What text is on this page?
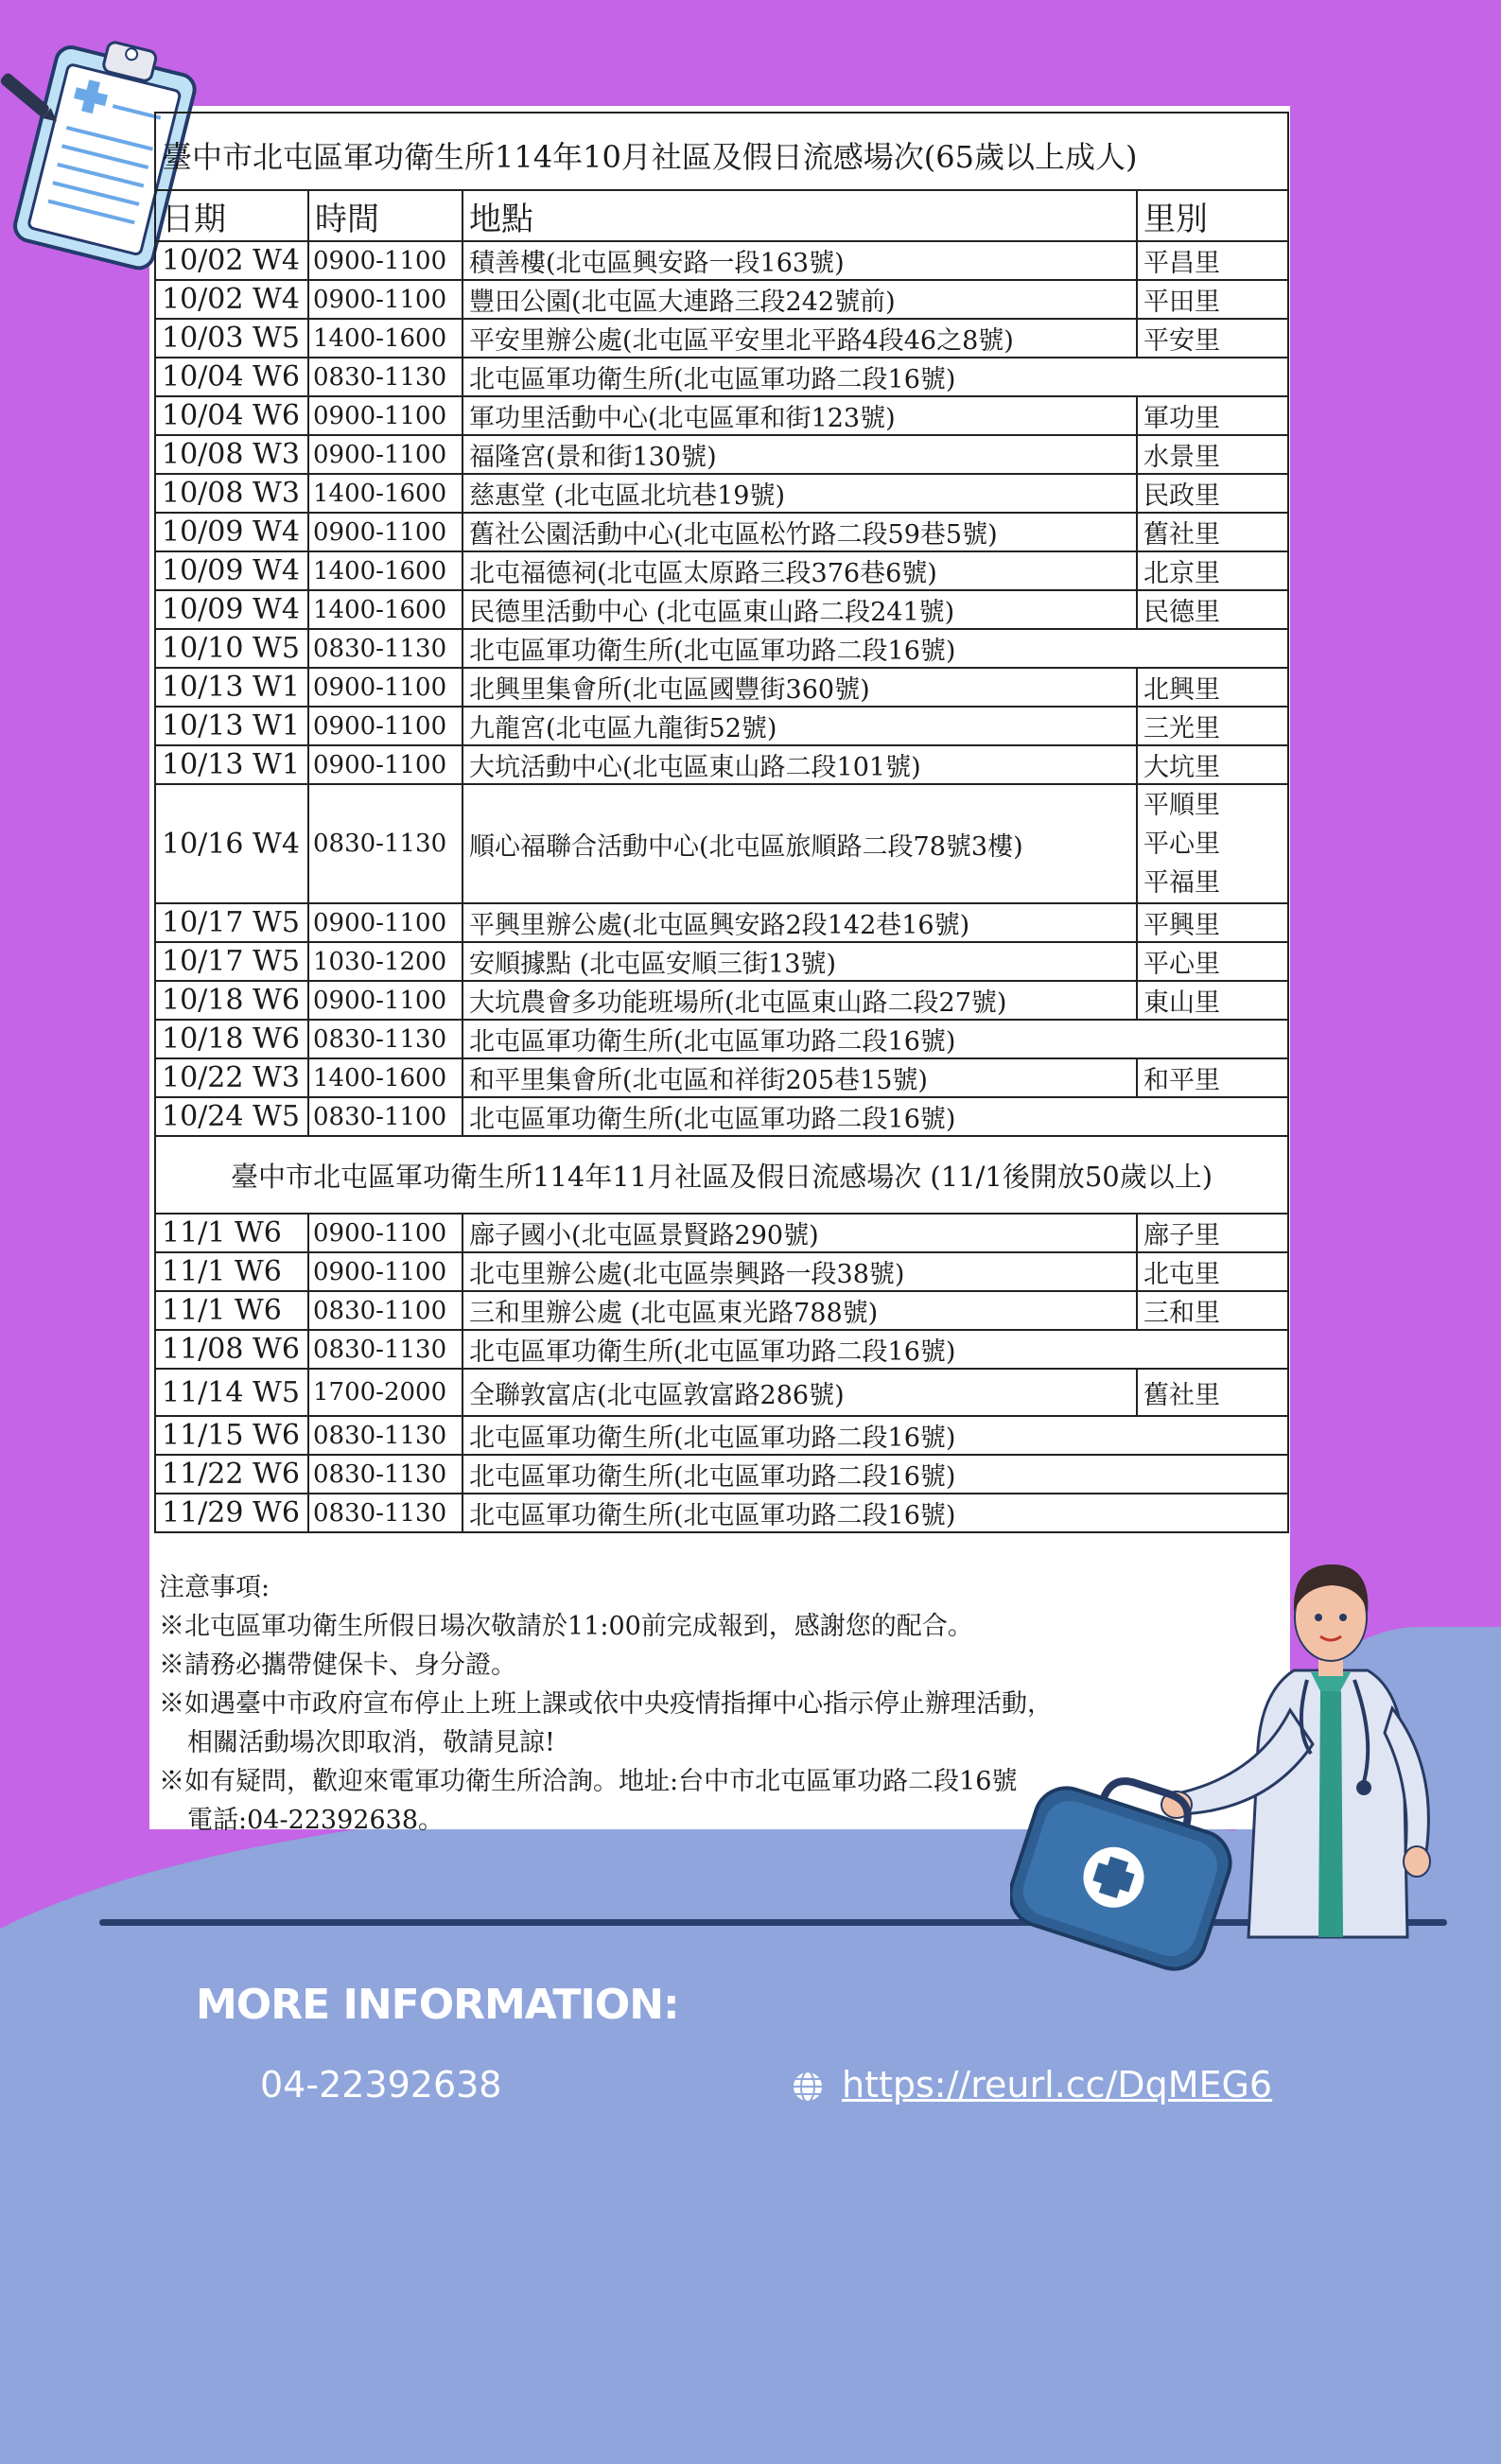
臺中市北屯區軍功衛生所114年10月社區及假日流感場次(65歲以上成人)			
日期	時間	地點	里別
10/02 W4	0900-1100	積善樓(北屯區興安路一段163號)	平昌里
10/02 W4	0900-1100	豐田公園(北屯區大連路三段242號前)	平田里
10/03 W5	1400-1600	平安里辦公處(北屯區平安里北平路4段46之8號)	平安里
10/04 W6	0830-1130	北屯區軍功衛生所(北屯區軍功路二段16號)	
10/04 W6	0900-1100	軍功里活動中心(北屯區軍和街123號)	軍功里
10/08 W3	0900-1100	福隆宮(景和街130號)	水景里
10/08 W3	1400-1600	慈惠堂 (北屯區北坑巷19號)	民政里
10/09 W4	0900-1100	舊社公園活動中心(北屯區松竹路二段59巷5號)	舊社里
10/09 W4	1400-1600	北屯福德祠(北屯區太原路三段376巷6號)	北京里
10/09 W4	1400-1600	民德里活動中心 (北屯區東山路二段241號)	民德里
10/10 W5	0830-1130	北屯區軍功衛生所(北屯區軍功路二段16號)	
10/13 W1	0900-1100	北興里集會所(北屯區國豐街360號)	北興里
10/13 W1	0900-1100	九龍宮(北屯區九龍街52號)	三光里
10/13 W1	0900-1100	大坑活動中心(北屯區東山路二段101號)	大坑里
10/16 W4	0830-1130	順心福聯合活動中心(北屯區旅順路二段78號3樓)	平順里
平心里
平福里

10/17 W5	0900-1100	平興里辦公處(北屯區興安路2段142巷16號)	平興里
10/17 W5	1030-1200	安順據點 (北屯區安順三街13號)	平心里
10/18 W6	0900-1100	大坑農會多功能班場所(北屯區東山路二段27號)	東山里
10/18 W6	0830-1130	北屯區軍功衛生所(北屯區軍功路二段16號)	
10/22 W3	1400-1600	和平里集會所(北屯區和祥街205巷15號)	和平里
10/24 W5	0830-1100	北屯區軍功衛生所(北屯區軍功路二段16號)	
臺中市北屯區軍功衛生所114年11月社區及假日流感場次 (11/1後開放50歲以上)			
11/1 W6	0900-1100	廍子國小(北屯區景賢路290號)	廍子里
11/1 W6	0900-1100	北屯里辦公處(北屯區崇興路一段38號)	北屯里
11/1 W6	0830-1100	三和里辦公處 (北屯區東光路788號)	三和里
11/08 W6	0830-1130	北屯區軍功衛生所(北屯區軍功路二段16號)	
11/14 W5	1700-2000	全聯敦富店(北屯區敦富路286號)	舊社里
11/15 W6	0830-1130	北屯區軍功衛生所(北屯區軍功路二段16號)	
11/22 W6	0830-1130	北屯區軍功衛生所(北屯區軍功路二段16號)	
11/29 W6	0830-1130	北屯區軍功衛生所(北屯區軍功路二段16號)	
注意事項:
※北屯區軍功衛生所假日場次敬請於11:00前完成報到，感謝您的配合。
※請務必攜帶健保卡、身分證。
※如遇臺中市政府宣布停止上班上課或依中央疫情指揮中心指示停止辦理活動，
相關活動場次即取消，敬請見諒!
※如有疑問，歡迎來電軍功衛生所洽詢。地址:台中市北屯區軍功路二段16號
電話:04-22392638。
MORE INFORMATION:
04-22392638	https://reurl.cc/DqMEG6
